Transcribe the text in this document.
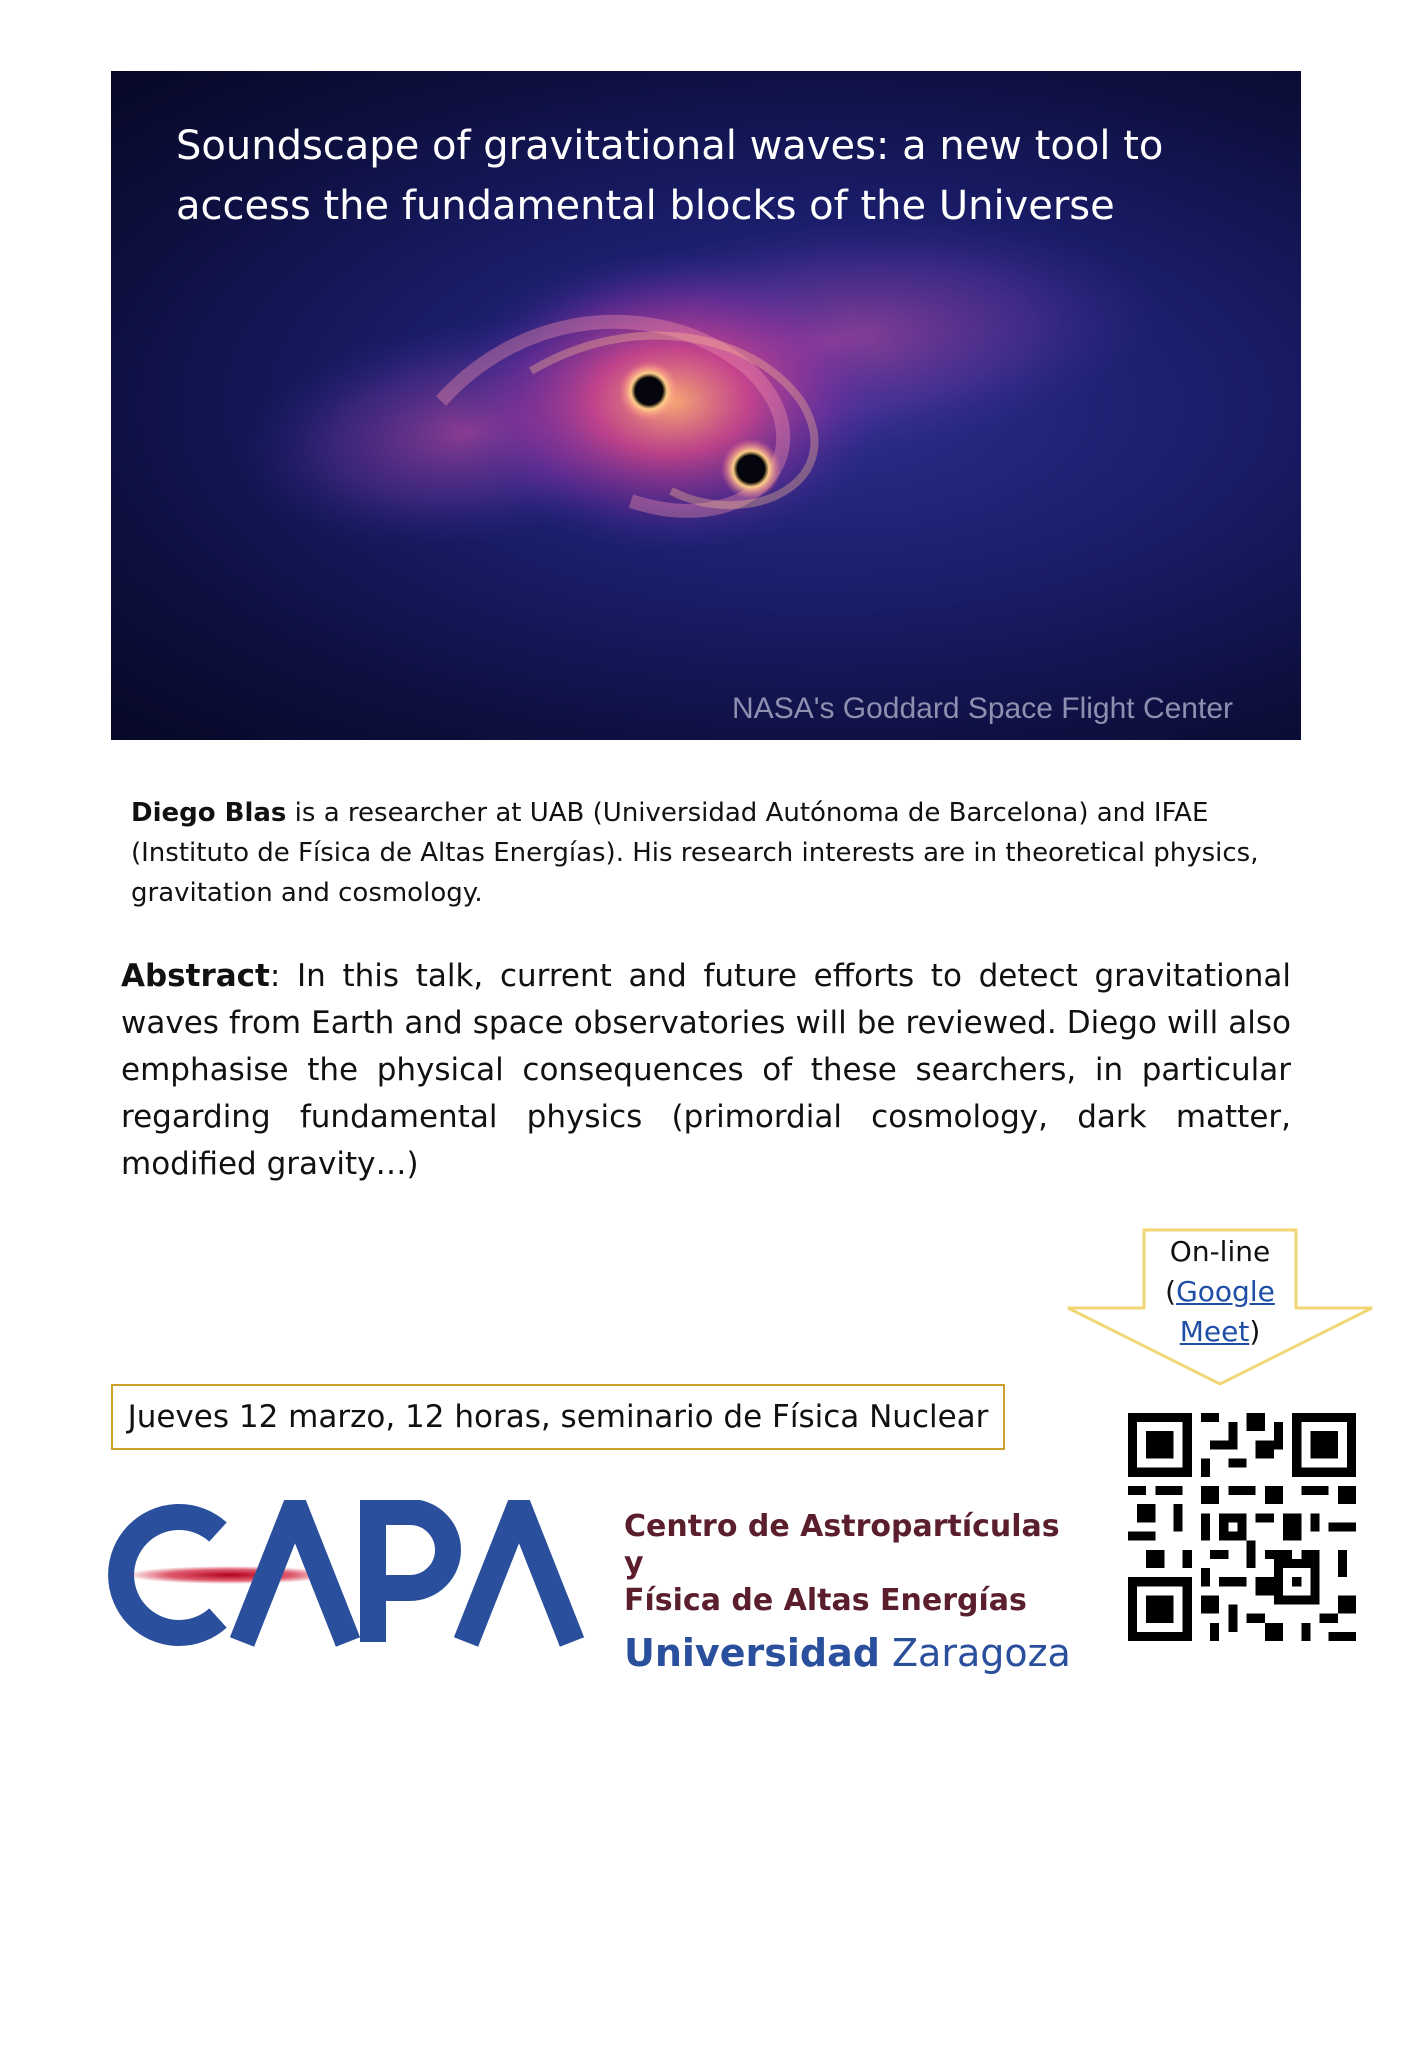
Soundscape of gravitational waves: a new tool to
access the fundamental blocks of the Universe
NASA's Goddard Space Flight Center
Diego Blas is a researcher at UAB (Universidad Autónoma de Barcelona) and IFAE (Instituto de Física de Altas Energías). His research interests are in theoretical physics, gravitation and cosmology.
Abstract: In this talk, current and future efforts to detect gravitational waves from Earth and space observatories will be reviewed. Diego will also emphasise the physical consequences of these searchers, in particular regarding fundamental physics (primordial cosmology, dark matter, modified gravity…)
Jueves 12 marzo, 12 horas, seminario de Física Nuclear
On-line
(Google
Meet)
Centro de Astropartículas y
Física de Altas Energías
Universidad Zaragoza
